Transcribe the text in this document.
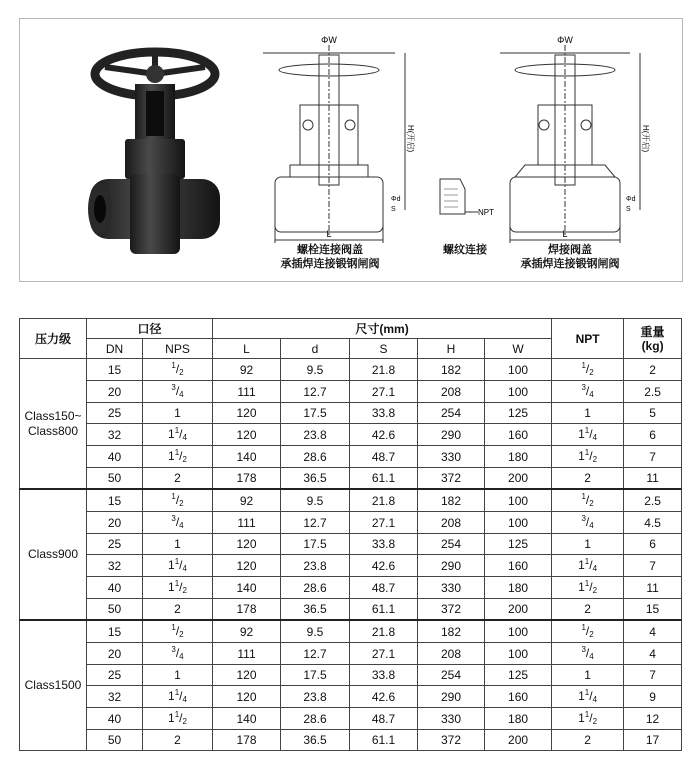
ΦW
H(开启)
L
Φd
S	NPT
ΦW
H(开启)
L
Φd
S
螺栓连接阀盖
承插焊连接锻钢闸阀
螺纹连接	焊接阀盖
承插焊连接锻钢闸阀
压力级	口径		尺寸(mm)					NPT	重量
(kg)
	DN	NPS	L	d	S	H	W		
Class150~
Class800	15	$^1/_2$	92	9.5	21.8	182	100	$^1/_2$	2
	20	$^3/_4$	111	12.7	27.1	208	100	$^3/_4$	2.5
	25	1	120	17.5	33.8	254	125	1	5
	32	$1^1/_4$	120	23.8	42.6	290	160	$1^1/_4$	6
	40	$1^1/_2$	140	28.6	48.7	330	180	$1^1/_2$	7
	50	2	178	36.5	61.1	372	200	2	11
Class900	15	$^1/_2$	92	9.5	21.8	182	100	$^1/_2$	2.5
	20	$^3/_4$	111	12.7	27.1	208	100	$^3/_4$	4.5
	25	1	120	17.5	33.8	254	125	1	6
	32	$1^1/_4$	120	23.8	42.6	290	160	$1^1/_4$	7
	40	$1^1/_2$	140	28.6	48.7	330	180	$1^1/_2$	11
	50	2	178	36.5	61.1	372	200	2	15
Class1500	15	$^1/_2$	92	9.5	21.8	182	100	$^1/_2$	4
	20	$^3/_4$	111	12.7	27.1	208	100	$^3/_4$	4
	25	1	120	17.5	33.8	254	125	1	7
	32	$1^1/_4$	120	23.8	42.6	290	160	$1^1/_4$	9
	40	$1^1/_2$	140	28.6	48.7	330	180	$1^1/_2$	12
	50	2	178	36.5	61.1	372	200	2	17
